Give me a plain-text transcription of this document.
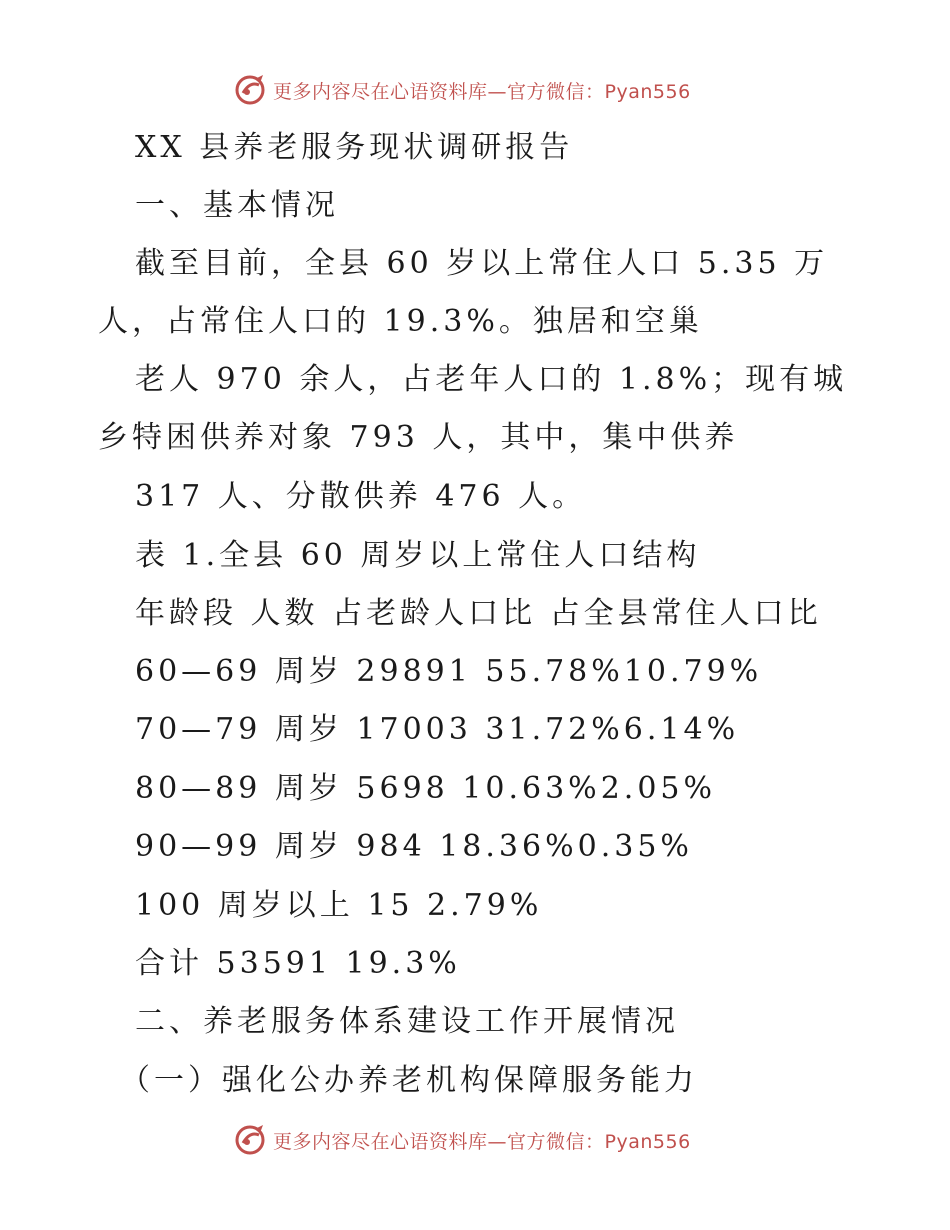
更多内容尽在心语资料库—官方微信：Pyan556
XX 县养老服务现状调研报告
一、基本情况
截至目前，全县 60 岁以上常住人口 5.35 万
人，占常住人口的 19.3%。独居和空巢
老人 970 余人，占老年人口的 1.8%；现有城
乡特困供养对象 793 人，其中，集中供养
317 人、分散供养 476 人。
表 1.全县 60 周岁以上常住人口结构
年龄段 人数 占老龄人口比 占全县常住人口比
60—69 周岁 29891 55.78%10.79%
70—79 周岁 17003 31.72%6.14%
80—89 周岁 5698 10.63%2.05%
90—99 周岁 984 18.36%0.35%
100 周岁以上 15 2.79%
合计 53591 19.3%
二、养老服务体系建设工作开展情况
（一）强化公办养老机构保障服务能力
更多内容尽在心语资料库—官方微信：Pyan556
